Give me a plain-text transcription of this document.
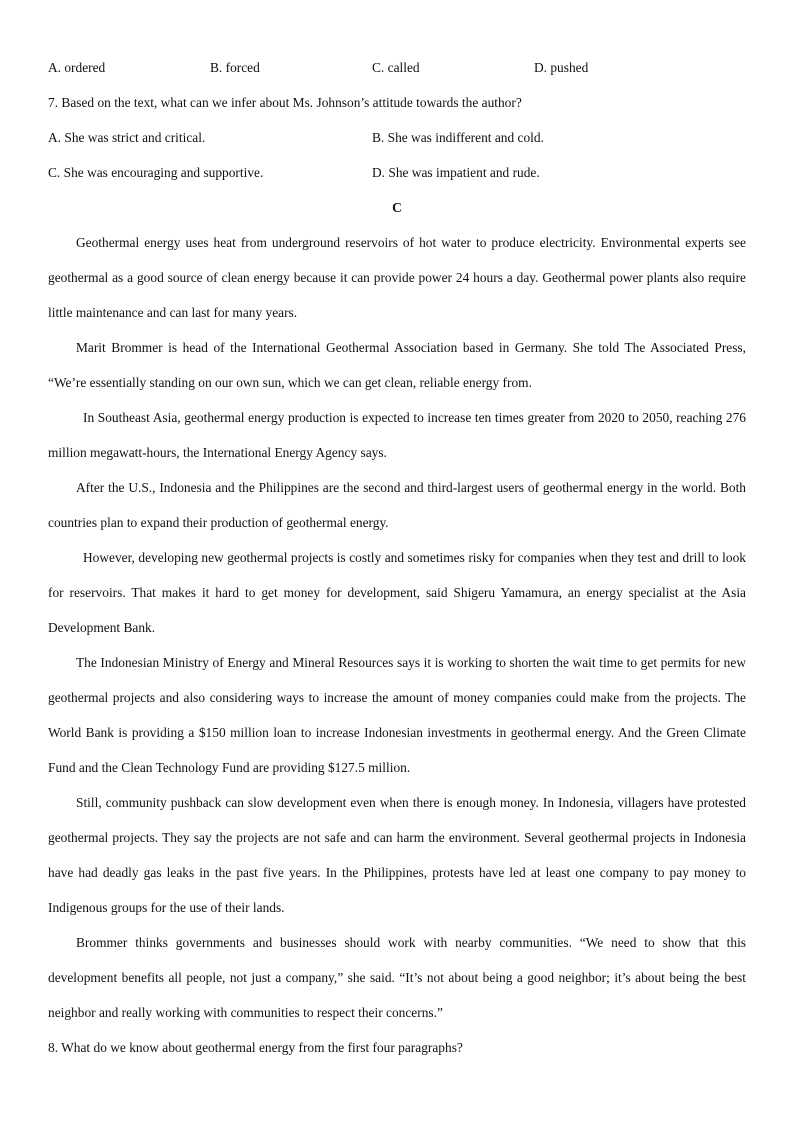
A. ordered	B. forced	C. called	D. pushed
7. Based on the text, what can we infer about Ms. Johnson’s attitude towards the author?
A. She was strict and critical.	B. She was indifferent and cold.
C. She was encouraging and supportive.	D. She was impatient and rude.
C

Geothermal energy uses heat from underground reservoirs of hot water to produce electricity. Environmental experts see geothermal as a good source of clean energy because it can provide power 24 hours a day. Geothermal power plants also require little maintenance and can last for many years.

Marit Brommer is head of the International Geothermal Association based in Germany. She told The Associated Press, “We’re essentially standing on our own sun, which we can get clean, reliable energy from.

In Southeast Asia, geothermal energy production is expected to increase ten times greater from 2020 to 2050, reaching 276 million megawatt-hours, the International Energy Agency says.

After the U.S., Indonesia and the Philippines are the second and third-largest users of geothermal energy in the world. Both countries plan to expand their production of geothermal energy.

However, developing new geothermal projects is costly and sometimes risky for companies when they test and drill to look for reservoirs. That makes it hard to get money for development, said Shigeru Yamamura, an energy specialist at the Asia Development Bank.

The Indonesian Ministry of Energy and Mineral Resources says it is working to shorten the wait time to get permits for new geothermal projects and also considering ways to increase the amount of money companies could make from the projects. The World Bank is providing a $150 million loan to increase Indonesian investments in geothermal energy. And the Green Climate Fund and the Clean Technology Fund are providing $127.5 million.

Still, community pushback can slow development even when there is enough money. In Indonesia, villagers have protested geothermal projects. They say the projects are not safe and can harm the environment. Several geothermal projects in Indonesia have had deadly gas leaks in the past five years. In the Philippines, protests have led at least one company to pay money to Indigenous groups for the use of their lands.

Brommer thinks governments and businesses should work with nearby communities. “We need to show that this development benefits all people, not just a company,” she said. “It’s not about being a good neighbor; it’s about being the best neighbor and really working with communities to respect their concerns.”

8. What do we know about geothermal energy from the first four paragraphs?
